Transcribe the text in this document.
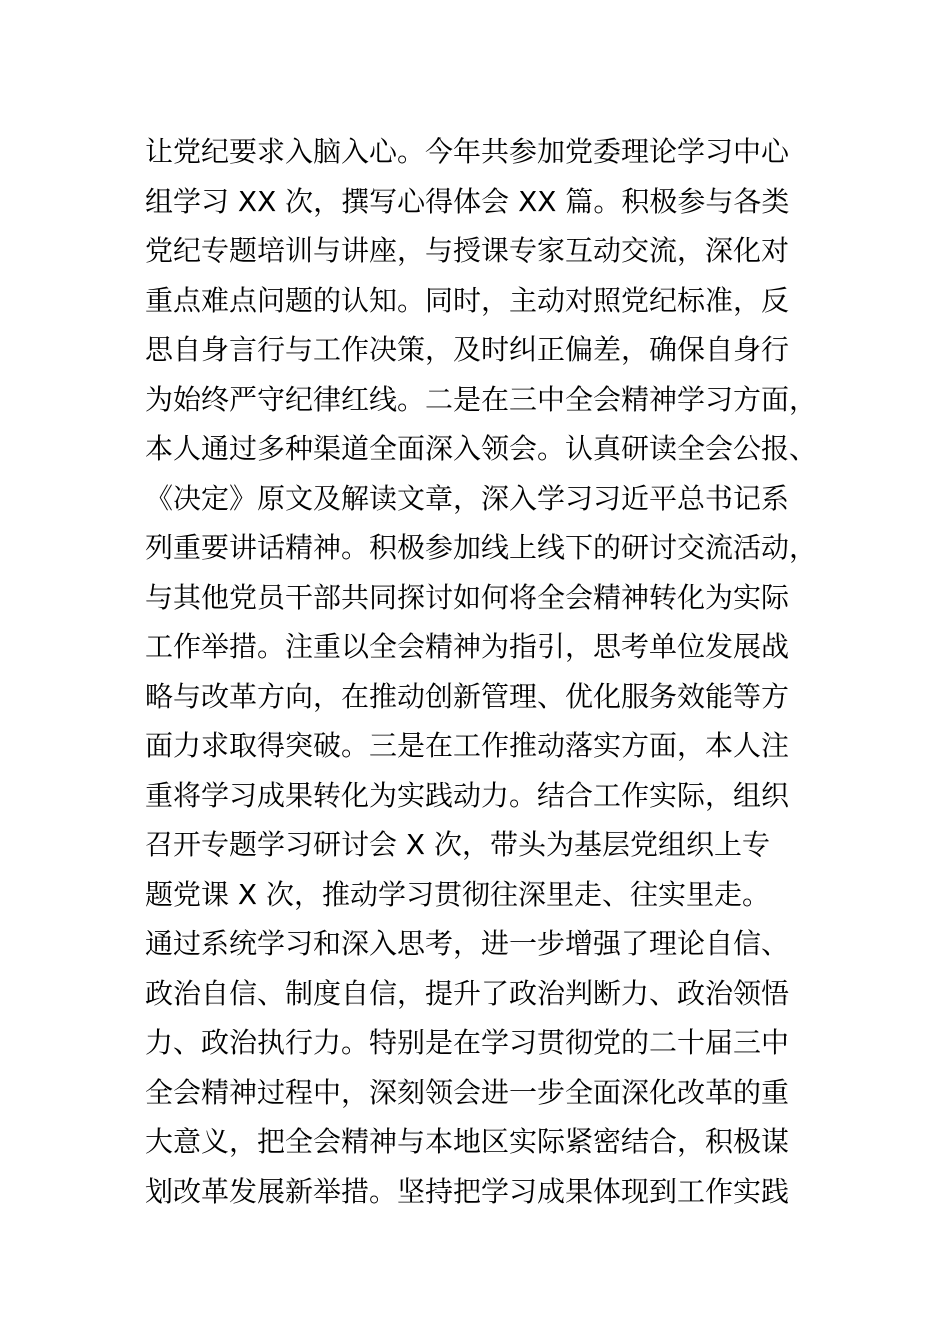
让党纪要求入脑入心。今年共参加党委理论学习中心
组学习 XX 次，撰写心得体会 XX 篇。积极参与各类
党纪专题培训与讲座，与授课专家互动交流，深化对
重点难点问题的认知。同时，主动对照党纪标准，反
思自身言行与工作决策，及时纠正偏差，确保自身行
为始终严守纪律红线。二是在三中全会精神学习方面，
本人通过多种渠道全面深入领会。认真研读全会公报、
《决定》原文及解读文章，深入学习习近平总书记系
列重要讲话精神。积极参加线上线下的研讨交流活动，
与其他党员干部共同探讨如何将全会精神转化为实际
工作举措。注重以全会精神为指引，思考单位发展战
略与改革方向，在推动创新管理、优化服务效能等方
面力求取得突破。三是在工作推动落实方面，本人注
重将学习成果转化为实践动力。结合工作实际，组织
召开专题学习研讨会 X 次，带头为基层党组织上专
题党课 X 次，推动学习贯彻往深里走、往实里走。
通过系统学习和深入思考，进一步增强了理论自信、
政治自信、制度自信，提升了政治判断力、政治领悟
力、政治执行力。特别是在学习贯彻党的二十届三中
全会精神过程中，深刻领会进一步全面深化改革的重
大意义，把全会精神与本地区实际紧密结合，积极谋
划改革发展新举措。坚持把学习成果体现到工作实践
